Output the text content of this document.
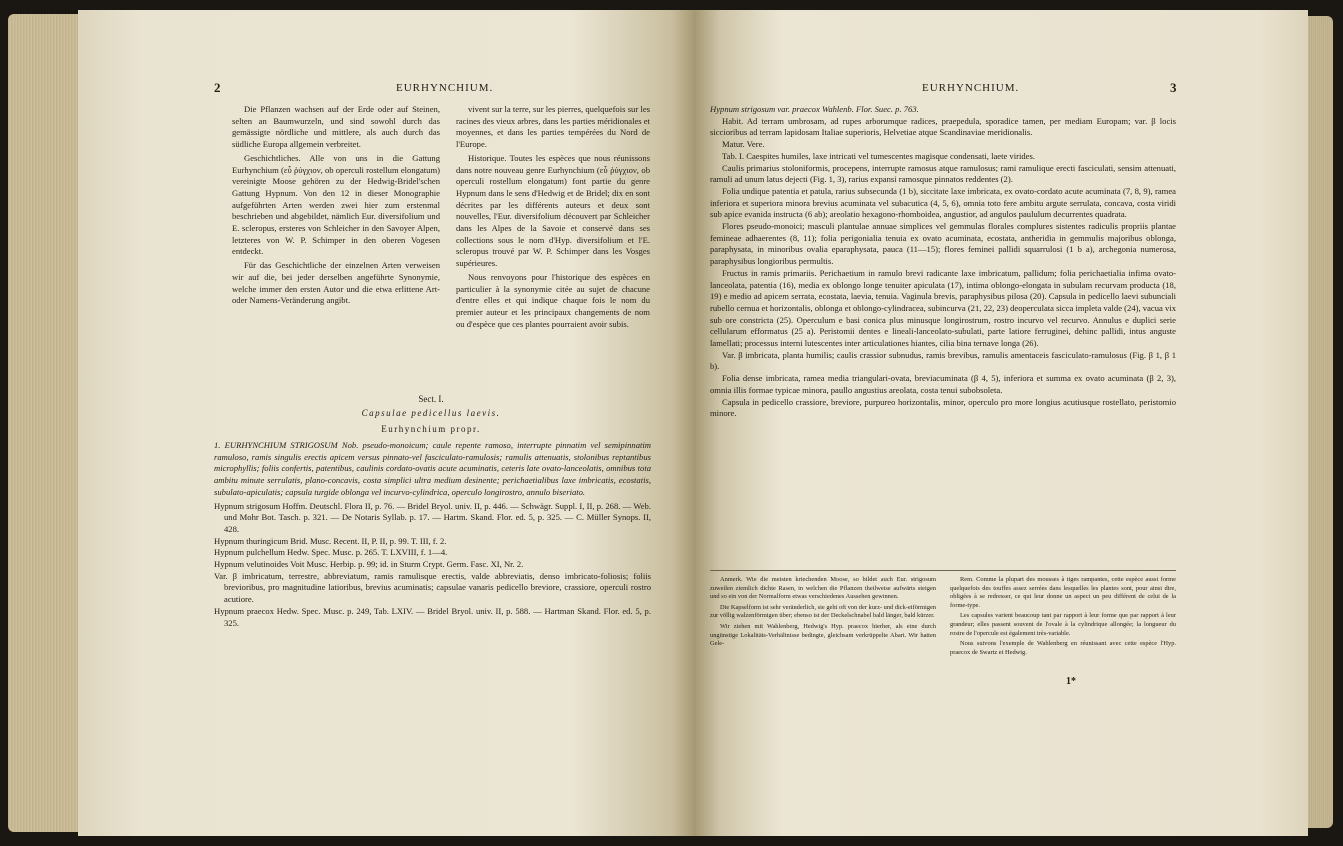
2	EURHYNCHIUM.

Die Pflanzen wachsen auf der Erde oder auf Steinen, selten an Baumwurzeln, und sind sowohl durch das gemässigte nördliche und mittlere, als auch durch das südliche Europa allgemein verbreitet.

Geschichtliches. Alle von uns in die Gattung Eurhynchium (εὖ ῥύγχιον, ob operculi rostellum elongatum) vereinigte Moose gehören zu der Hedwig-Bridel'schen Gattung Hypnum. Von den 12 in dieser Monographie aufgeführten Arten werden zwei hier zum erstenmal beschrieben und abgebildet, nämlich Eur. diversifolium und E. scleropus, ersteres von Schleicher in den Savoyer Alpen, letzteres von W. P. Schimper in den oberen Vogesen entdeckt.

Für das Geschichtliche der einzelnen Arten verweisen wir auf die, bei jeder derselben angeführte Synonymie, welche immer den ersten Autor und die etwa erlittene Art- oder Namens-Veränderung angibt.

vivent sur la terre, sur les pierres, quelquefois sur les racines des vieux arbres, dans les parties méridionales et moyennes, et dans les parties tempérées du Nord de l'Europe.

Historique. Toutes les espèces que nous réunissons dans notre nouveau genre Eurhynchium (εὖ ῥύγχιον, ob operculi rostellum elongatum) font partie du genre Hypnum dans le sens d'Hedwig et de Bridel; dix en sont décrites par les différents auteurs et deux sont nouvelles, l'Eur. diversifolium découvert par Schleicher dans les Alpes de la Savoie et conservé dans ses collections sous le nom d'Hyp. diversifolium et l'E. scleropus trouvé par W. P. Schimper dans les Vosges supérieures.

Nous renvoyons pour l'historique des espèces en particulier à la synonymie citée au sujet de chacune d'entre elles et qui indique chaque fois le nom du premier auteur et les principaux changements de nom ou d'espèce que ces plantes pourraient avoir subis.

Sect. I.
Capsulae pedicellus laevis.
Eurhynchium propr.

1. EURHYNCHIUM STRIGOSUM Nob. pseudo-monoicum; caule repente ramoso, interrupte pinnatim vel semipinnatim ramuloso, ramis singulis erectis apicem versus pinnato-vel fasciculato-ramulosis; ramulis attenuatis, stolonibus reptantibus microphyllis; foliis confertis, patentibus, caulinis cordato-ovatis acute acuminatis, ceteris late ovato-lanceolatis, omnibus tota ambitu minute serrulatis, plano-concavis, costa simplici ultra medium desinente; perichaetialibus laxe imbricatis, ecostatis, subulato-apiculatis; capsula turgide oblonga vel incurvo-cylindrica, operculo longirostro, annulo biseriato.

Hypnum strigosum Hoffm. Deutschl. Flora II, p. 76. — Bridel Bryol. univ. II, p. 446. — Schwägr. Suppl. I, II, p. 268. — Web. und Mohr Bot. Tasch. p. 321. — De Notaris Syllab. p. 17. — Hartm. Skand. Flor. ed. 5, p. 325. — C. Müller Synops. II, 428.

Hypnum thuringicum Brid. Musc. Recent. II, P. II, p. 99. T. III, f. 2.

Hypnum pulchellum Hedw. Spec. Musc. p. 265. T. LXVIII, f. 1—4.

Hypnum velutinoides Voit Musc. Herbip. p. 99; id. in Sturm Crypt. Germ. Fasc. XI, Nr. 2.

Var. β imbricatum, terrestre, abbreviatum, ramis ramulisque erectis, valde abbreviatis, denso imbricato-foliosis; foliis brevioribus, pro magnitudine latioribus, brevius acuminatis; capsulae vanaris pedicello breviore, crassiore, operculi rostro acutiore.

Hypnum praecox Hedw. Spec. Musc. p. 249, Tab. LXIV. — Bridel Bryol. univ. II, p. 588. — Hartman Skand. Flor. ed. 5, p. 325.

EURHYNCHIUM.	3

Hypnum strigosum var. praecox Wahlenb. Flor. Suec. p. 763.

Habit. Ad terram umbrosam, ad rupes arborumque radices, praepedula, sporadice tamen, per mediam Europam; var. β locis siccioribus ad terram lapidosam Italiae superioris, Helvetiae atque Scandinaviae meridionalis.

Matur. Vere.

Tab. I. Caespites humiles, laxe intricati vel tumescentes magisque condensati, laete virides.

Caulis primarius stoloniformis, procepens, interrupte ramosus atque ramulosus; rami ramulique erecti fasciculati, sensim attenuati, ramuli ad unum latus dejecti (Fig. 1, 3), rarius expansi ramosque pinnatos reddentes (2).

Folia undique patentia et patula, rarius subsecunda (1 b), siccitate laxe imbricata, ex ovato-cordato acute acuminata (7, 8, 9), ramea inferiora et superiora minora brevius acuminata vel subacutica (4, 5, 6), omnia toto fere ambitu argute serrulata, concava, costa viridi sub apice evanida instructa (6 ab); areolatio hexagono-rhomboidea, angustior, ad angulos paululum decurrentes quadrata.

Flores pseudo-monoici; masculi plantulae annuae simplices vel gemmulas florales complures sistentes radiculis propriis plantae femineae adhaerentes (8, 11); folia perigonialia tenuia ex ovato acuminata, ecostata, antheridia in gemmulis majoribus oblonga, paraphysata, in minoribus ovalia eparaphysata, pauca (11—15); flores feminei pallidi squarrulosi (1 b a), archegonia numerosa, paraphysibus longioribus permultis.

Fructus in ramis primariis. Perichaetium in ramulo brevi radicante laxe imbricatum, pallidum; folia perichaetialia infima ovato-lanceolata, patentia (16), media ex oblongo longe tenuiter apiculata (17), intima oblongo-elongata in subulam recurvam producta (18, 19) e medio ad apicem serrata, ecostata, laevia, tenuia. Vaginula brevis, paraphysibus pilosa (20). Capsula in pedicello laevi subunciali rubello cernua et horizontalis, oblonga et oblongo-cylindracea, subincurva (21, 22, 23) deoperculata sicca impleta valde (24), vacua vix sub ore constricta (25). Operculum e basi conica plus minusque longirostrum, rostro incurvo vel recurvo. Annulus e duplici serie cellularum efformatus (25 a). Peristomii dentes e lineali-lanceolato-subulati, parte latiore ferruginei, dehinc pallidi, intus anguste lamellati; processus interni lutescentes inter articulationes hiantes, cilia bina ternave longa (26).

Var. β imbricata, planta humilis; caulis crassior subnudus, ramis brevibus, ramulis amentaceis fasciculato-ramulosus (Fig. β 1, β 1 b).

Folia dense imbricata, ramea media triangulari-ovata, breviacuminata (β 4, 5), inferiora et summa ex ovato acuminata (β 2, 3), omnia illis formae typicae minora, paullo angustius areolata, costa tenui subobsoleta.

Capsula in pedicello crassiore, breviore, purpureo horizontalis, minor, operculo pro more longius acutiusque rostellato, peristomio minore.

Anmerk. Wie die meisten kriechenden Moose, so bildet auch Eur. strigosum zuweilen ziemlich dichte Rasen, in welchen die Pflanzen theilweise aufwärts steigen und so ein von der Normalform etwas verschiedenes Aussehen gewinnen.

Die Kapselform ist sehr veränderlich, sie geht oft von der kurz- und dick-eiförmigen zur völlig walzenförmigen über; ebenso ist der Deckelschnabel bald länger, bald kürzer.

Wir ziehen mit Wahlenberg, Hedwig's Hyp. praecox hierher, als eine durch ungünstige Lokalitäts-Verhältnisse bedingte, gleichsam verkrüppelte Abart. Wir hatten Gele-

Rem. Comme la plupart des mousses à tiges rampantes, cette espèce aussi forme quelquefois des touffes assez serrées dans lesquelles les plantes sont, pour ainsi dire, obligées à se redresser, ce qui leur donne un aspect un peu différent de celui de la forme-type.

Les capsules varient beaucoup tant par rapport à leur forme que par rapport à leur grandeur; elles passent souvent de l'ovale à la cylindrique allongée; la longueur du rostre de l'opercule est également très-variable.

Nous suivons l'exemple de Wahlenberg en réunissant avec cette espèce l'Hyp. praecox de Swartz et Hedwig.

1*
